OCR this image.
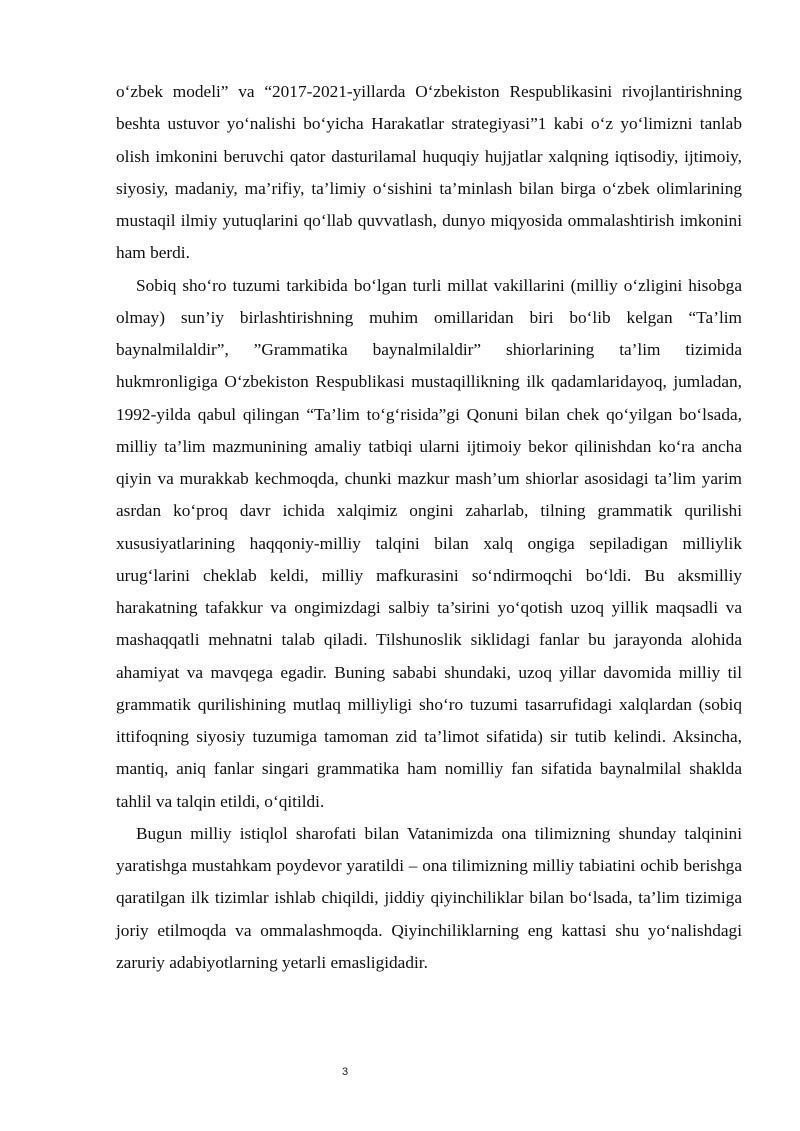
o‘zbek modeli” va “2017-2021-yillarda O‘zbekiston Respublikasini rivojlantirishning beshta ustuvor yo‘nalishi bo‘yicha Harakatlar strategiyasi”1 kabi o‘z yo‘limizni tanlab olish imkonini beruvchi qator dasturilamal huquqiy hujjatlar xalqning iqtisodiy, ijtimoiy, siyosiy, madaniy, ma’rifiy, ta’limiy o‘sishini ta’minlash bilan birga o‘zbek olimlarining mustaqil ilmiy yutuqlarini qo‘llab quvvatlash, dunyo miqyosida ommalashtirish imkonini ham berdi.

Sobiq sho‘ro tuzumi tarkibida bo‘lgan turli millat vakillarini (milliy o‘zligini hisobga olmay) sun’iy birlashtirishning muhim omillaridan biri bo‘lib kelgan “Ta’lim baynalmilaldir”, ”Grammatika baynalmilaldir” shiorlarining ta’lim tizimida hukmronligiga O‘zbekiston Respublikasi mustaqillikning ilk qadamlaridayoq, jumladan, 1992-yilda qabul qilingan “Ta’lim to‘g‘risida”gi Qonuni bilan chek qo‘yilgan bo‘lsada, milliy ta’lim mazmunining amaliy tatbiqi ularni ijtimoiy bekor qilinishdan ko‘ra ancha qiyin va murakkab kechmoqda, chunki mazkur mash’um shiorlar asosidagi ta’lim yarim asrdan ko‘proq davr ichida xalqimiz ongini zaharlab, tilning grammatik qurilishi xususiyatlarining haqqoniy-milliy talqini bilan xalq ongiga sepiladigan milliylik urug‘larini cheklab keldi, milliy mafkurasini so‘ndirmoqchi bo‘ldi. Bu aksmilliy harakatning tafakkur va ongimizdagi salbiy ta’sirini yo‘qotish uzoq yillik maqsadli va mashaqqatli mehnatni talab qiladi. Tilshunoslik siklidagi fanlar bu jarayonda alohida ahamiyat va mavqega egadir. Buning sababi shundaki, uzoq yillar davomida milliy til grammatik qurilishining mutlaq milliyligi sho‘ro tuzumi tasarrufidagi xalqlardan (sobiq ittifoqning siyosiy tuzumiga tamoman zid ta’limot sifatida) sir tutib kelindi. Aksincha, mantiq, aniq fanlar singari grammatika ham nomilliy fan sifatida baynalmilal shaklda tahlil va talqin etildi, o‘qitildi.

Bugun milliy istiqlol sharofati bilan Vatanimizda ona tilimizning shunday talqinini yaratishga mustahkam poydevor yaratildi – ona tilimizning milliy tabiatini ochib berishga qaratilgan ilk tizimlar ishlab chiqildi, jiddiy qiyinchiliklar bilan bo‘lsada, ta’lim tizimiga joriy etilmoqda va ommalashmoqda. Qiyinchiliklarning eng kattasi shu yo‘nalishdagi zaruriy adabiyotlarning yetarli emasligidadir.

3
